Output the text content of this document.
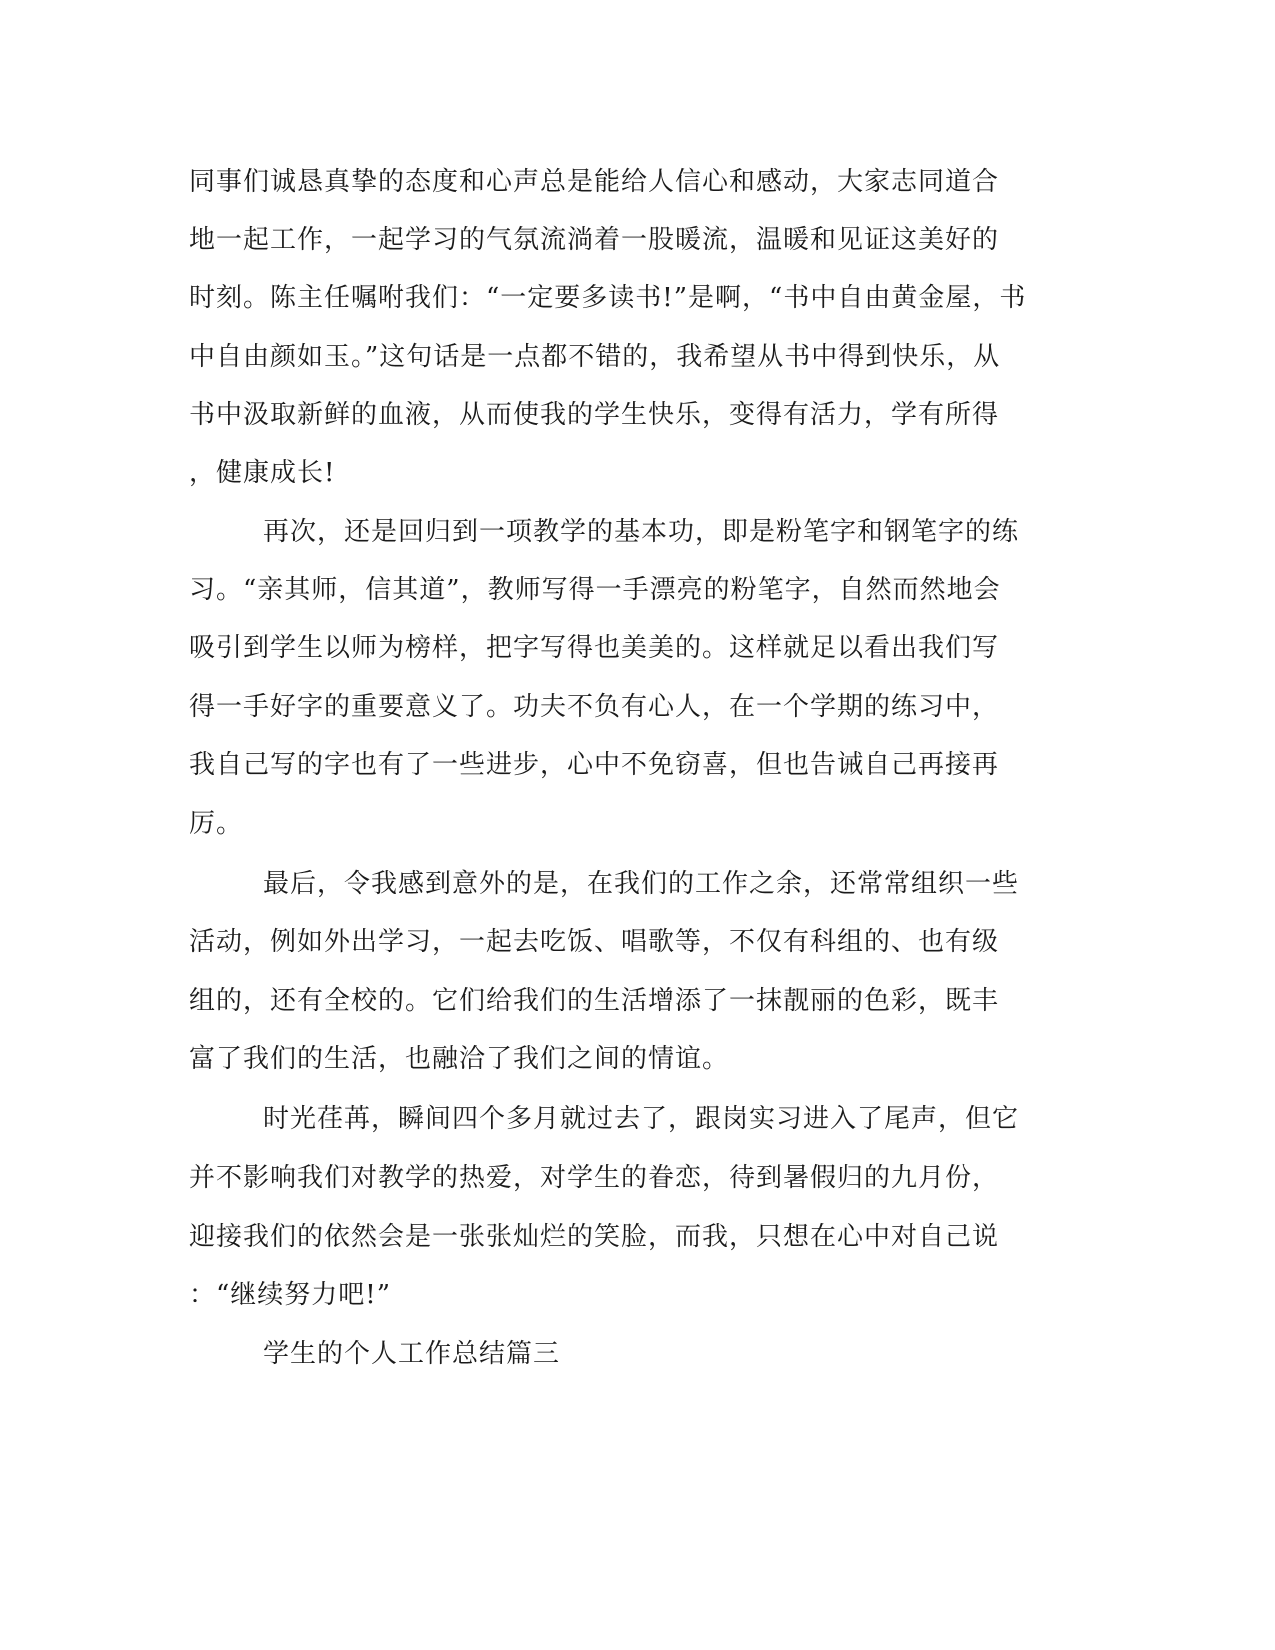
同事们诚恳真挚的态度和心声总是能给人信心和感动，大家志同道合
地一起工作，一起学习的气氛流淌着一股暖流，温暖和见证这美好的
时刻。陈主任嘱咐我们：“一定要多读书!”是啊，“书中自由黄金屋，书
中自由颜如玉。”这句话是一点都不错的，我希望从书中得到快乐，从
书中汲取新鲜的血液，从而使我的学生快乐，变得有活力，学有所得
，健康成长!
再次，还是回归到一项教学的基本功，即是粉笔字和钢笔字的练
习。“亲其师，信其道”，教师写得一手漂亮的粉笔字，自然而然地会
吸引到学生以师为榜样，把字写得也美美的。这样就足以看出我们写
得一手好字的重要意义了。功夫不负有心人，在一个学期的练习中，
我自己写的字也有了一些进步，心中不免窃喜，但也告诫自己再接再
厉。
最后，令我感到意外的是，在我们的工作之余，还常常组织一些
活动，例如外出学习，一起去吃饭、唱歌等，不仅有科组的、也有级
组的，还有全校的。它们给我们的生活增添了一抹靓丽的色彩，既丰
富了我们的生活，也融洽了我们之间的情谊。
时光荏苒，瞬间四个多月就过去了，跟岗实习进入了尾声，但它
并不影响我们对教学的热爱，对学生的眷恋，待到暑假归的九月份，
迎接我们的依然会是一张张灿烂的笑脸，而我，只想在心中对自己说
：“继续努力吧!”
学生的个人工作总结篇三
